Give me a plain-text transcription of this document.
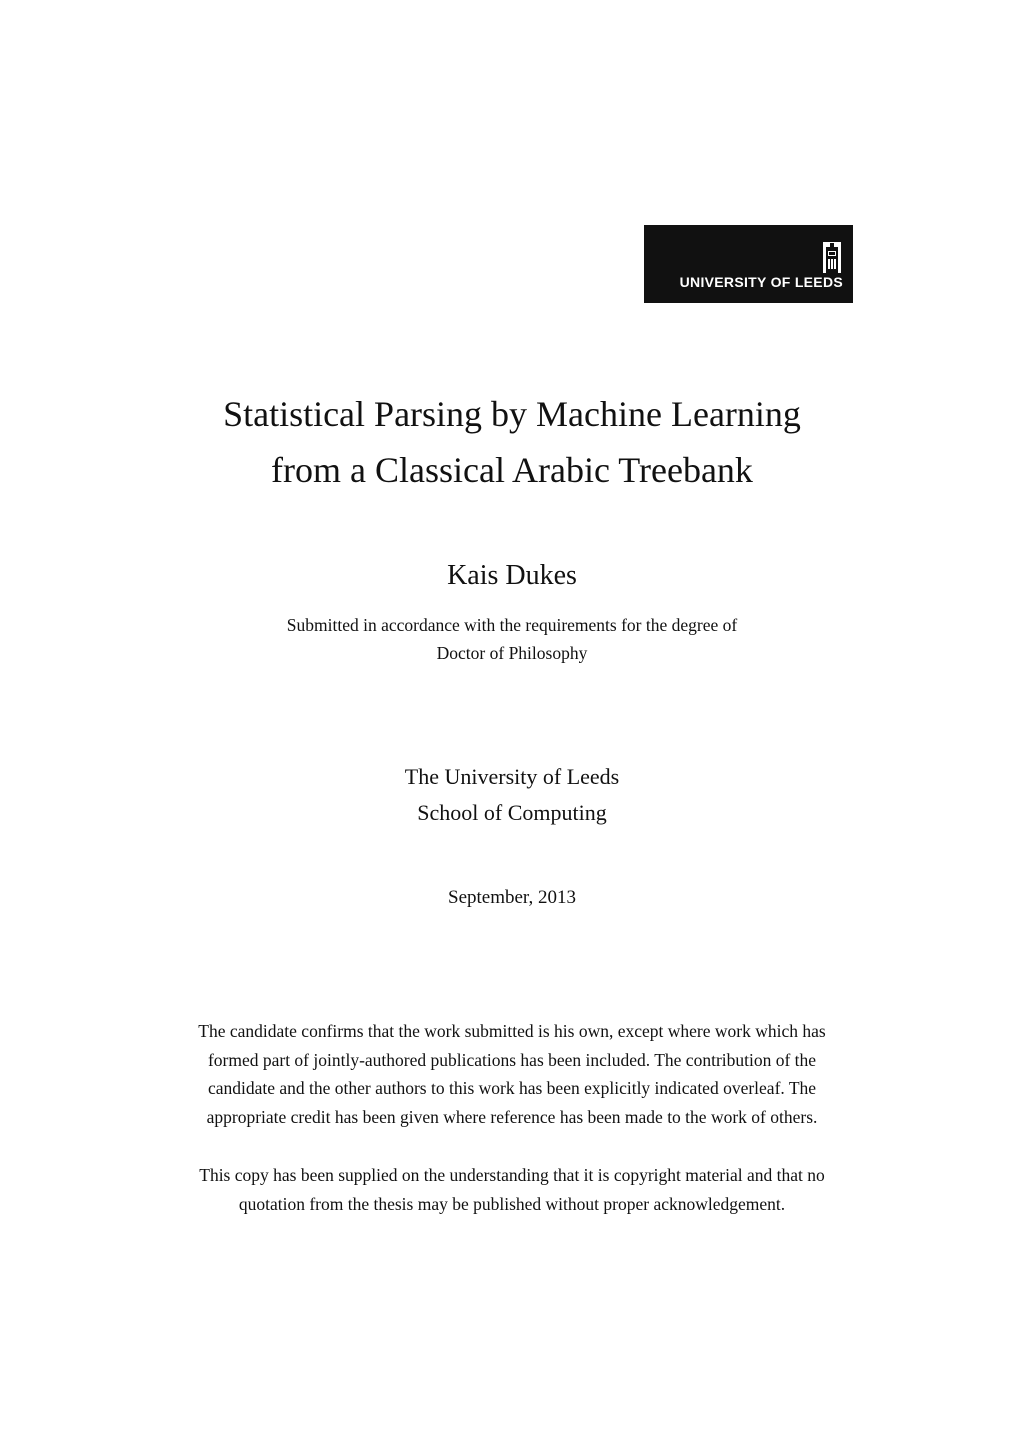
UNIVERSITY OF LEEDS
Statistical Parsing by Machine Learning
from a Classical Arabic Treebank
Kais Dukes
Submitted in accordance with the requirements for the degree of
Doctor of Philosophy
The University of Leeds
School of Computing
September, 2013
The candidate confirms that the work submitted is his own, except where work which has
formed part of jointly-authored publications has been included. The contribution of the
candidate and the other authors to this work has been explicitly indicated overleaf. The
appropriate credit has been given where reference has been made to the work of others.
This copy has been supplied on the understanding that it is copyright material and that no
quotation from the thesis may be published without proper acknowledgement.
